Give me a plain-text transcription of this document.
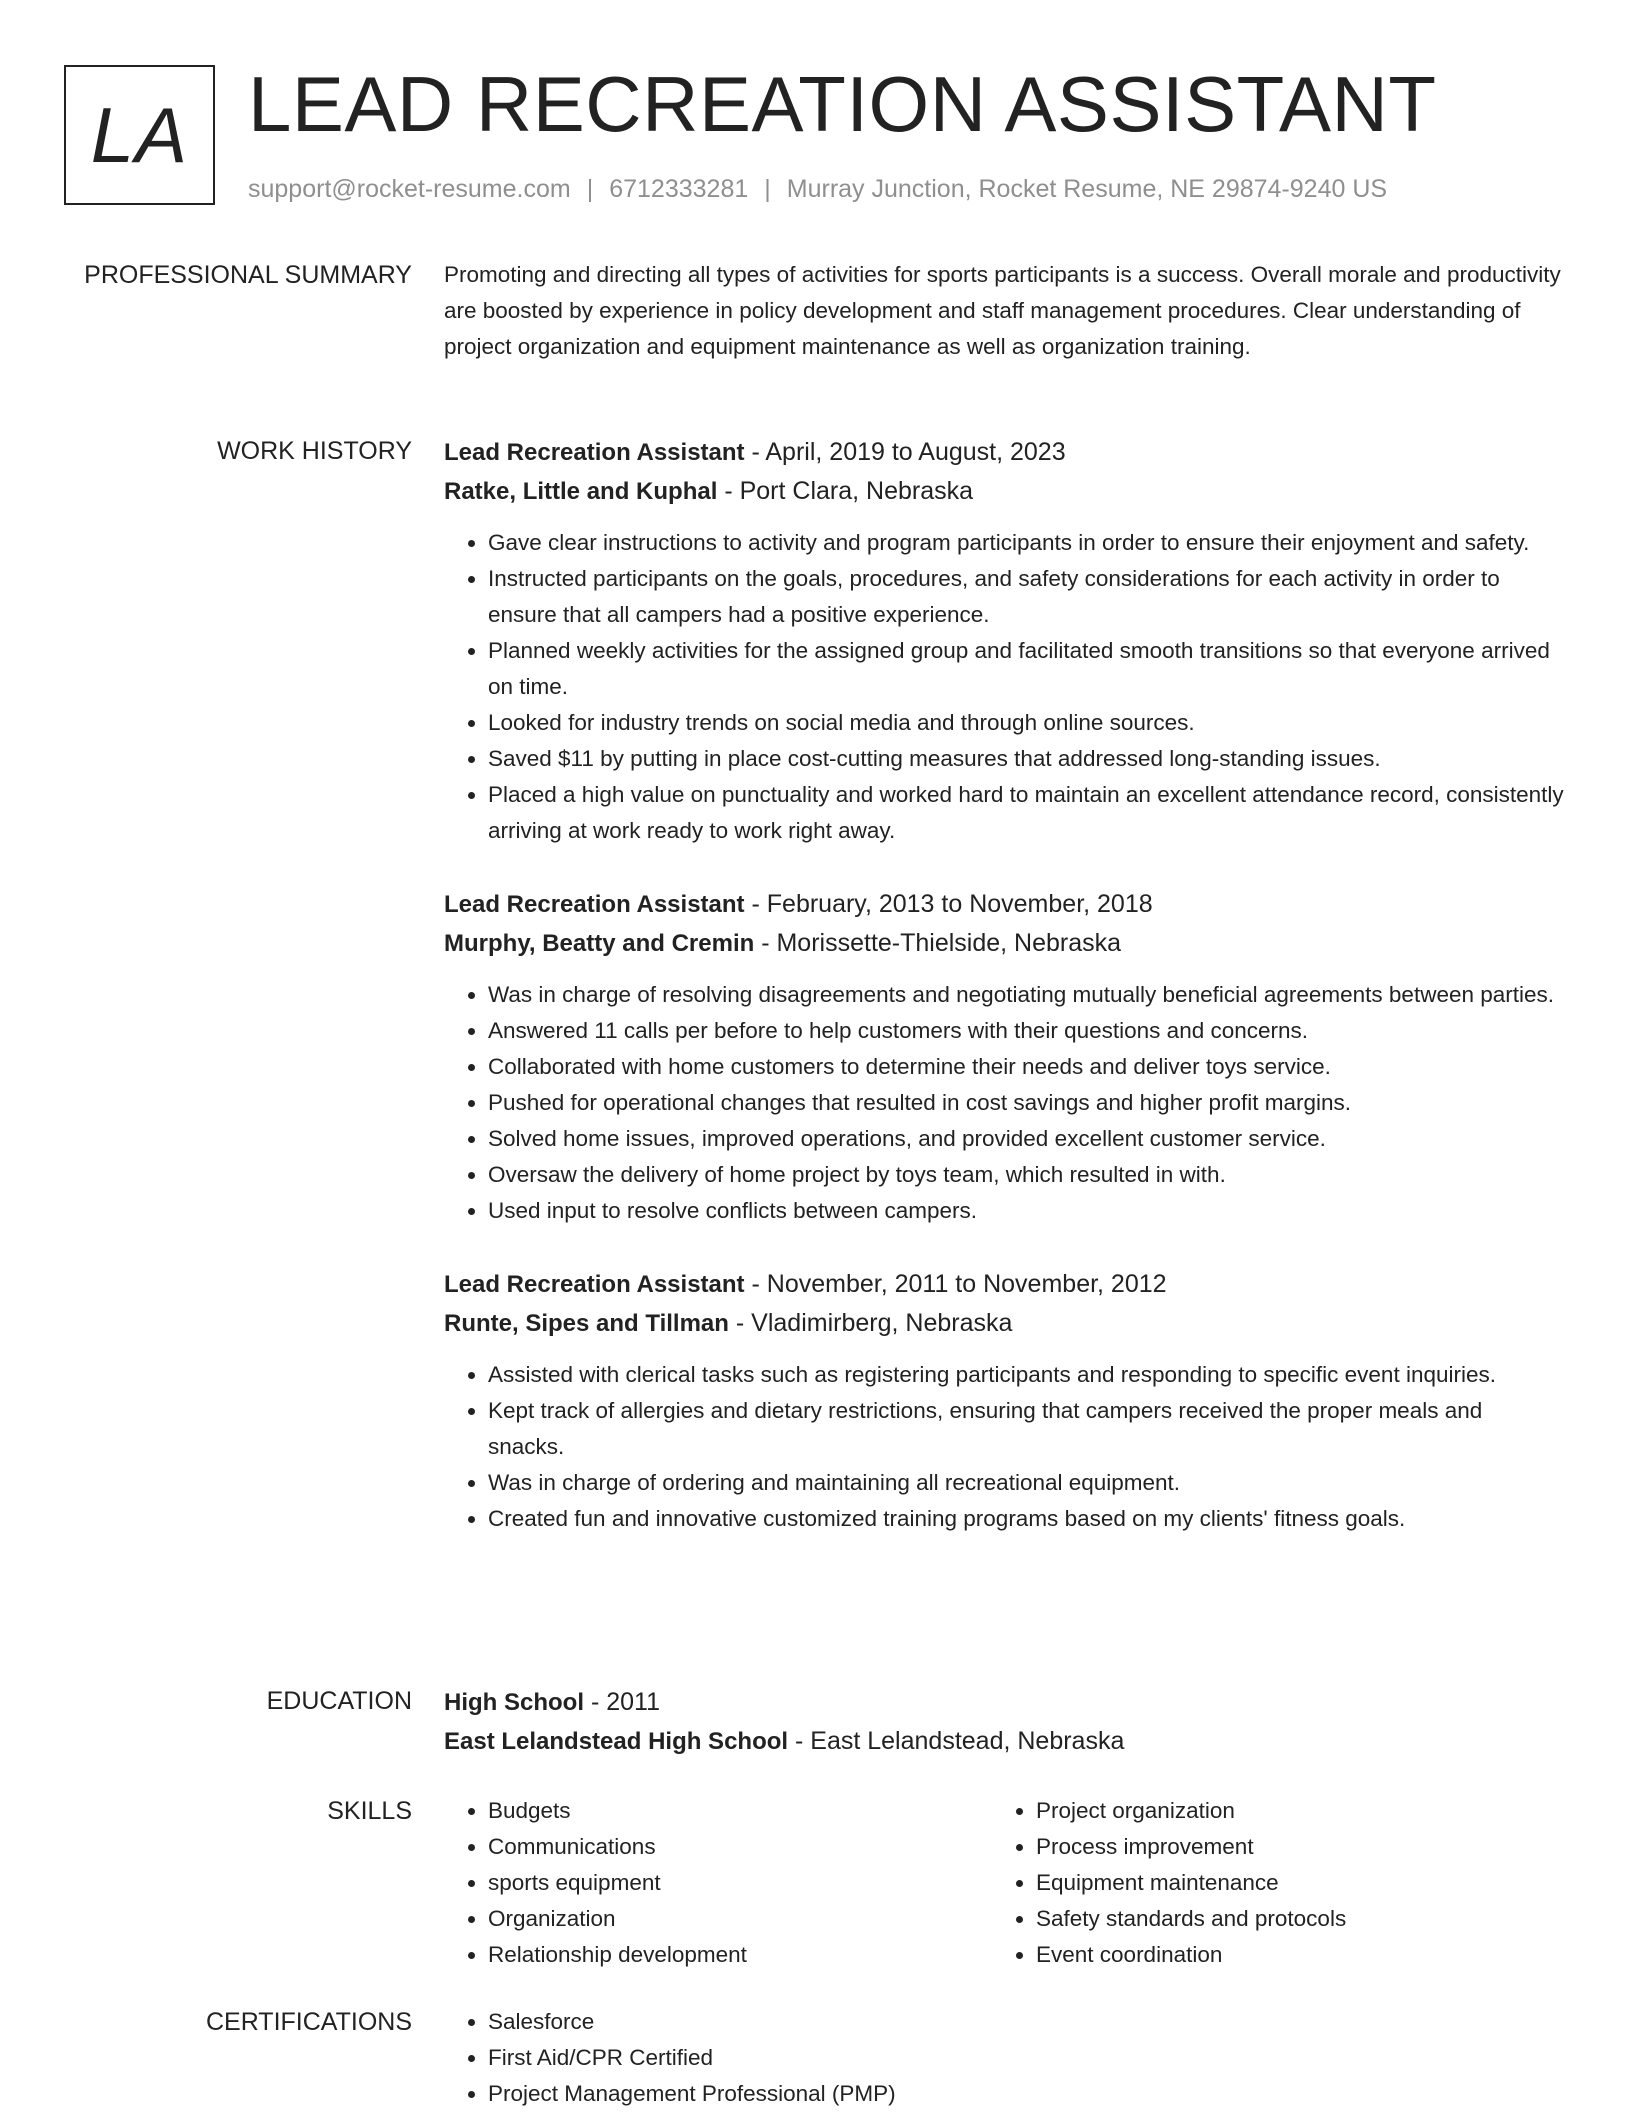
LA LEAD RECREATION ASSISTANT
support@rocket-resume.com | 6712333281 | Murray Junction, Rocket Resume, NE 29874-9240 US
PROFESSIONAL SUMMARY Promoting and directing all types of activities for sports participants is a success. Overall morale and productivity are boosted by experience in policy development and staff management procedures. Clear understanding of project organization and equipment maintenance as well as organization training.

WORK HISTORY Lead Recreation Assistant - April, 2019 to August, 2023
Ratke, Little and Kuphal - Port Clara, Nebraska
• Gave clear instructions to activity and program participants in order to ensure their enjoyment and safety.
• Instructed participants on the goals, procedures, and safety considerations for each activity in order to ensure that all campers had a positive experience.
• Planned weekly activities for the assigned group and facilitated smooth transitions so that everyone arrived on time.
• Looked for industry trends on social media and through online sources.
• Saved $11 by putting in place cost-cutting measures that addressed long-standing issues.
• Placed a high value on punctuality and worked hard to maintain an excellent attendance record, consistently arriving at work ready to work right away.
Lead Recreation Assistant - February, 2013 to November, 2018
Murphy, Beatty and Cremin - Morissette-Thielside, Nebraska
• Was in charge of resolving disagreements and negotiating mutually beneficial agreements between parties.
• Answered 11 calls per before to help customers with their questions and concerns.
• Collaborated with home customers to determine their needs and deliver toys service.
• Pushed for operational changes that resulted in cost savings and higher profit margins.
• Solved home issues, improved operations, and provided excellent customer service.
• Oversaw the delivery of home project by toys team, which resulted in with.
• Used input to resolve conflicts between campers.
Lead Recreation Assistant - November, 2011 to November, 2012
Runte, Sipes and Tillman - Vladimirberg, Nebraska
• Assisted with clerical tasks such as registering participants and responding to specific event inquiries.
• Kept track of allergies and dietary restrictions, ensuring that campers received the proper meals and snacks.
• Was in charge of ordering and maintaining all recreational equipment.
• Created fun and innovative customized training programs based on my clients' fitness goals.
EDUCATION High School - 2011
East Lelandstead High School - East Lelandstead, Nebraska
SKILLS	• Budgets
• Communications
• sports equipment
• Organization
• Relationship development
• Project organization
• Process improvement
• Equipment maintenance
• Safety standards and protocols
• Event coordination
CERTIFICATIONS	• Salesforce
• First Aid/CPR Certified
• Project Management Professional (PMP)
